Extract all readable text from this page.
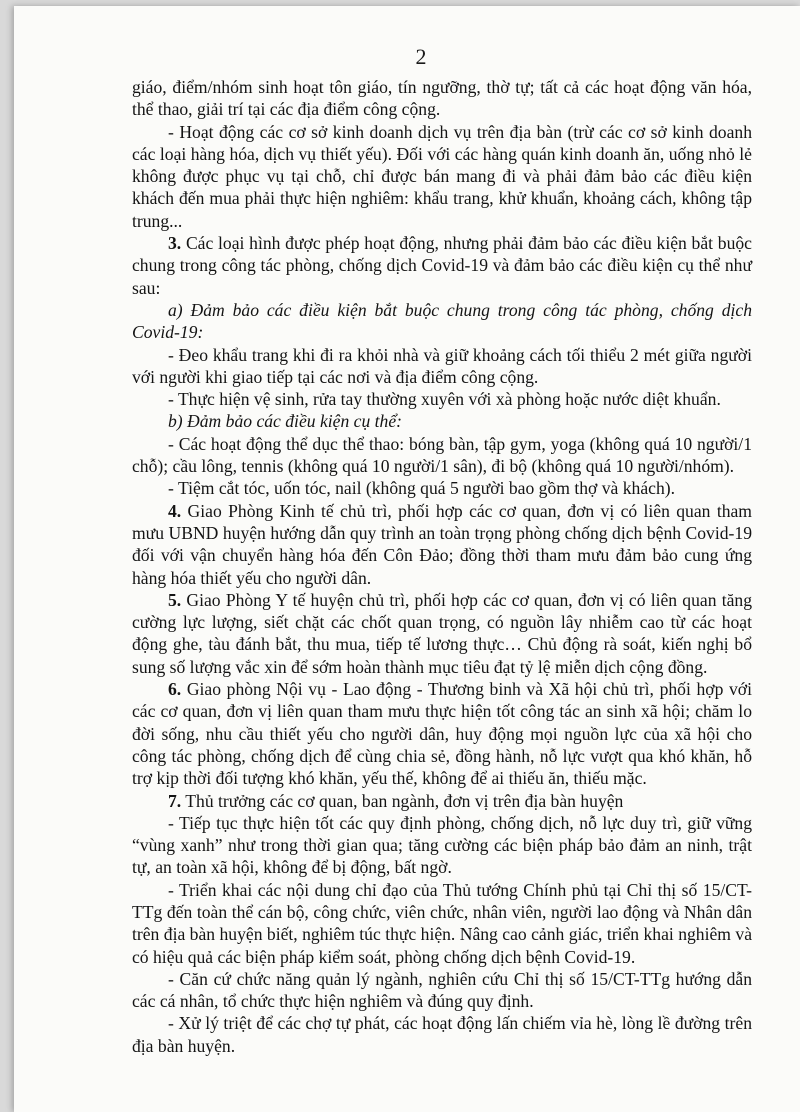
2

giáo, điểm/nhóm sinh hoạt tôn giáo, tín ngưỡng, thờ tự; tất cả các hoạt động văn hóa, thể thao, giải trí tại các địa điểm công cộng.

- Hoạt động các cơ sở kinh doanh dịch vụ trên địa bàn (trừ các cơ sở kinh doanh các loại hàng hóa, dịch vụ thiết yếu). Đối với các hàng quán kinh doanh ăn, uống nhỏ lẻ không được phục vụ tại chỗ, chỉ được bán mang đi và phải đảm bảo các điều kiện khách đến mua phải thực hiện nghiêm: khẩu trang, khử khuẩn, khoảng cách, không tập trung...

3. Các loại hình được phép hoạt động, nhưng phải đảm bảo các điều kiện bắt buộc chung trong công tác phòng, chống dịch Covid-19 và đảm bảo các điều kiện cụ thể như sau:

a) Đảm bảo các điều kiện bắt buộc chung trong công tác phòng, chống dịch Covid-19:

- Đeo khẩu trang khi đi ra khỏi nhà và giữ khoảng cách tối thiểu 2 mét giữa người với người khi giao tiếp tại các nơi và địa điểm công cộng.

- Thực hiện vệ sinh, rửa tay thường xuyên với xà phòng hoặc nước diệt khuẩn.

b) Đảm bảo các điều kiện cụ thể:

- Các hoạt động thể dục thể thao: bóng bàn, tập gym, yoga (không quá 10 người/1 chỗ); cầu lông, tennis (không quá 10 người/1 sân), đi bộ (không quá 10 người/nhóm).

- Tiệm cắt tóc, uốn tóc, nail (không quá 5 người bao gồm thợ và khách).

4. Giao Phòng Kinh tế chủ trì, phối hợp các cơ quan, đơn vị có liên quan tham mưu UBND huyện hướng dẫn quy trình an toàn trọng phòng chống dịch bệnh Covid-19 đối với vận chuyển hàng hóa đến Côn Đảo; đồng thời tham mưu đảm bảo cung ứng hàng hóa thiết yếu cho người dân.

5. Giao Phòng Y tế huyện chủ trì, phối hợp các cơ quan, đơn vị có liên quan tăng cường lực lượng, siết chặt các chốt quan trọng, có nguồn lây nhiễm cao từ các hoạt động ghe, tàu đánh bắt, thu mua, tiếp tế lương thực… Chủ động rà soát, kiến nghị bổ sung số lượng vắc xin để sớm hoàn thành mục tiêu đạt tỷ lệ miễn dịch cộng đồng.

6. Giao phòng Nội vụ - Lao động - Thương binh và Xã hội chủ trì, phối hợp với các cơ quan, đơn vị liên quan tham mưu thực hiện tốt công tác an sinh xã hội; chăm lo đời sống, nhu cầu thiết yếu cho người dân, huy động mọi nguồn lực của xã hội cho công tác phòng, chống dịch để cùng chia sẻ, đồng hành, nỗ lực vượt qua khó khăn, hỗ trợ kịp thời đối tượng khó khăn, yếu thế, không để ai thiếu ăn, thiếu mặc.

7. Thủ trưởng các cơ quan, ban ngành, đơn vị trên địa bàn huyện

- Tiếp tục thực hiện tốt các quy định phòng, chống dịch, nỗ lực duy trì, giữ vững “vùng xanh” như trong thời gian qua; tăng cường các biện pháp bảo đảm an ninh, trật tự, an toàn xã hội, không để bị động, bất ngờ.

- Triển khai các nội dung chỉ đạo của Thủ tướng Chính phủ tại Chỉ thị số 15/CT-TTg đến toàn thể cán bộ, công chức, viên chức, nhân viên, người lao động và Nhân dân trên địa bàn huyện biết, nghiêm túc thực hiện. Nâng cao cảnh giác, triển khai nghiêm và có hiệu quả các biện pháp kiểm soát, phòng chống dịch bệnh Covid-19.

- Căn cứ chức năng quản lý ngành, nghiên cứu Chỉ thị số 15/CT-TTg hướng dẫn các cá nhân, tổ chức thực hiện nghiêm và đúng quy định.

- Xử lý triệt để các chợ tự phát, các hoạt động lấn chiếm vỉa hè, lòng lề đường trên địa bàn huyện.
